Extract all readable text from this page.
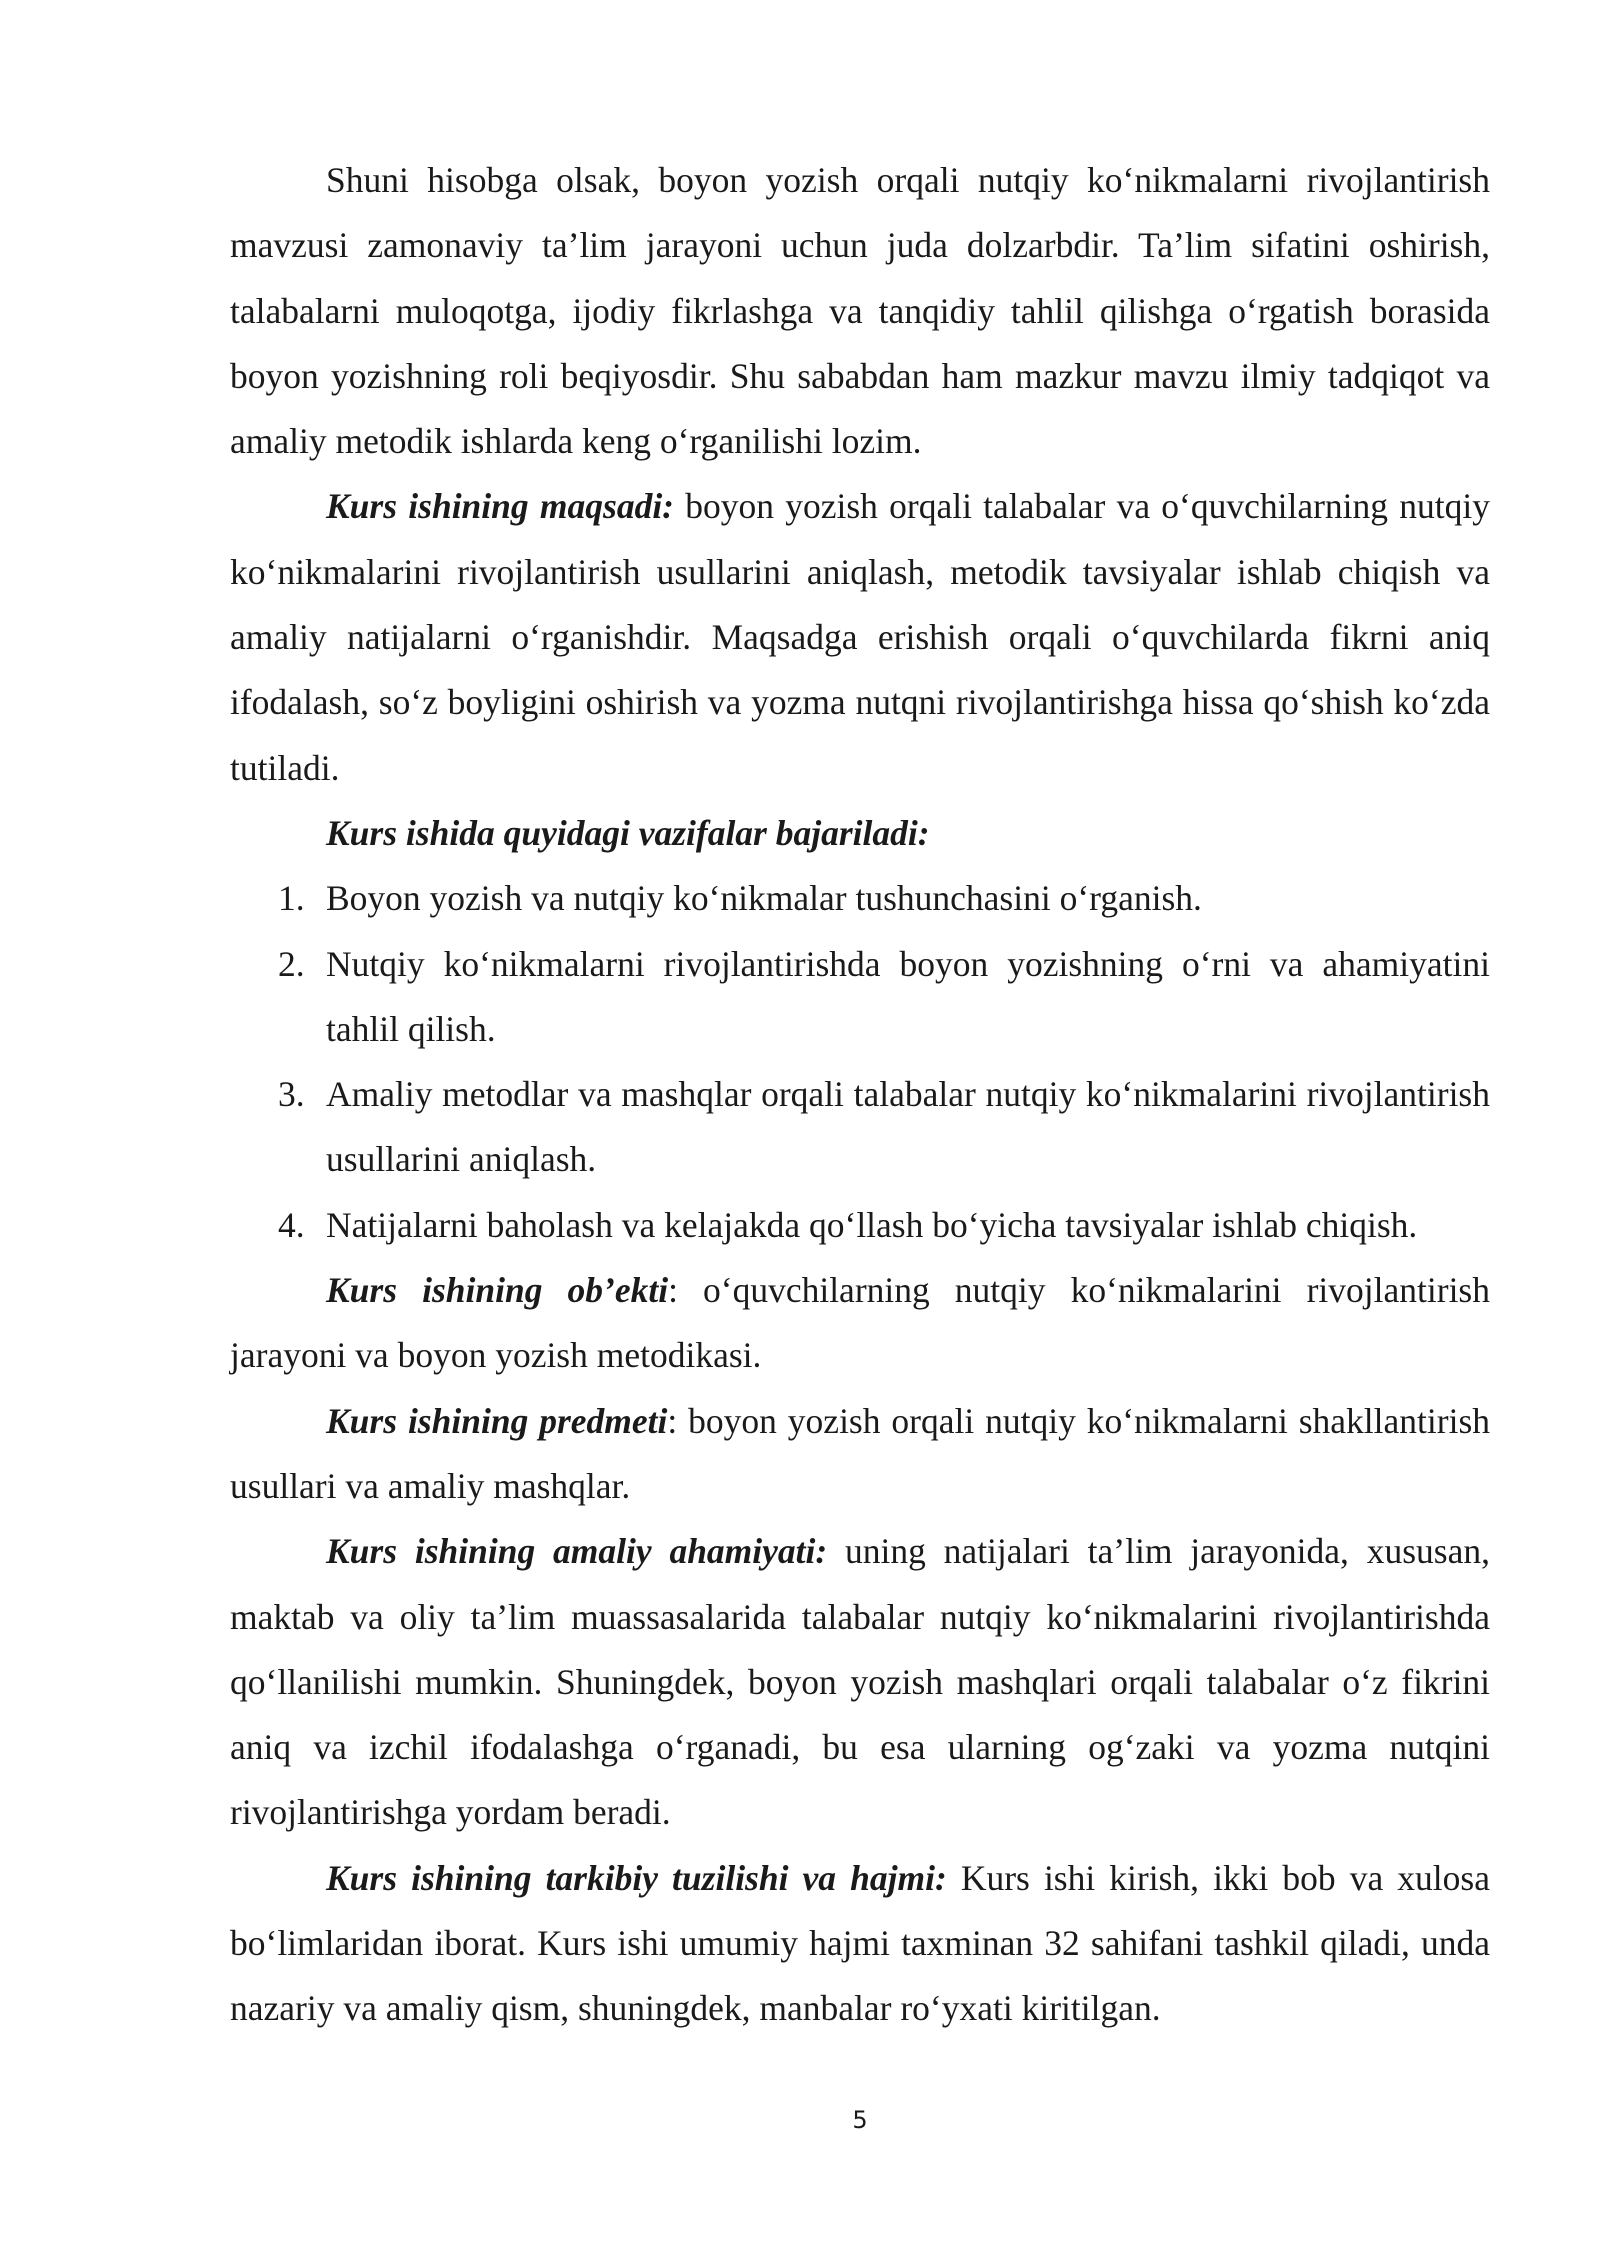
Shuni hisobga olsak, boyon yozish orqali nutqiy ko‘nikmalarni rivojlantirish mavzusi zamonaviy ta’lim jarayoni uchun juda dolzarbdir. Ta’lim sifatini oshirish, talabalarni muloqotga, ijodiy fikrlashga va tanqidiy tahlil qilishga o‘rgatish borasida boyon yozishning roli beqiyosdir. Shu sababdan ham mazkur mavzu ilmiy tadqiqot va amaliy metodik ishlarda keng o‘rganilishi lozim.

Kurs ishining maqsadi: boyon yozish orqali talabalar va o‘quvchilarning nutqiy ko‘nikmalarini rivojlantirish usullarini aniqlash, metodik tavsiyalar ishlab chiqish va amaliy natijalarni o‘rganishdir. Maqsadga erishish orqali o‘quvchilarda fikrni aniq ifodalash, so‘z boyligini oshirish va yozma nutqni rivojlantirishga hissa qo‘shish ko‘zda tutiladi.

Kurs ishida quyidagi vazifalar bajariladi:

1. Boyon yozish va nutqiy ko‘nikmalar tushunchasini o‘rganish.
2. Nutqiy ko‘nikmalarni rivojlantirishda boyon yozishning o‘rni va ahamiyatini tahlil qilish.
3. Amaliy metodlar va mashqlar orqali talabalar nutqiy ko‘nikmalarini rivojlantirish usullarini aniqlash.
4. Natijalarni baholash va kelajakda qo‘llash bo‘yicha tavsiyalar ishlab chiqish.

Kurs ishining ob’ekti: o‘quvchilarning nutqiy ko‘nikmalarini rivojlantirish jarayoni va boyon yozish metodikasi.

Kurs ishining predmeti: boyon yozish orqali nutqiy ko‘nikmalarni shakllantirish usullari va amaliy mashqlar.

Kurs ishining amaliy ahamiyati: uning natijalari ta’lim jarayonida, xususan, maktab va oliy ta’lim muassasalarida talabalar nutqiy ko‘nikmalarini rivojlantirishda qo‘llanilishi mumkin. Shuningdek, boyon yozish mashqlari orqali talabalar o‘z fikrini aniq va izchil ifodalashga o‘rganadi, bu esa ularning og‘zaki va yozma nutqini rivojlantirishga yordam beradi.

Kurs ishining tarkibiy tuzilishi va hajmi: Kurs ishi kirish, ikki bob va xulosa bo‘limlaridan iborat. Kurs ishi umumiy hajmi taxminan 32 sahifani tashkil qiladi, unda nazariy va amaliy qism, shuningdek, manbalar ro‘yxati kiritilgan.

5
